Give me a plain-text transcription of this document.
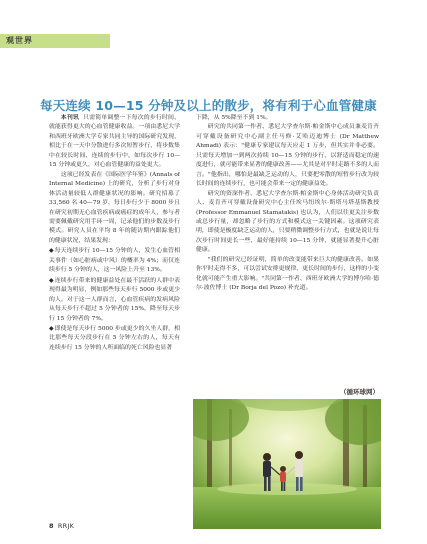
观世界
每天连续 10—15 分钟及以上的散步，将有利于心血管健康

本刊讯 只需简单调整一下每次的步行时间，就能获得更大的心血管健康收益。一项由悉尼大学和西班牙欧洲大学专家共同主导的国际研究发现，相比于在一天中分散进行多次短暂步行，将步数集中在较长时间、连续的步行中，如每次步行 10—15 分钟或更久，对心血管健康的益处更大。

这项已经发表在《国际医学年鉴》(Annals of Internal Medicine) 上的研究，分析了步行对身体活动量较低人群健康状况的影响。研究招募了 33,560 名 40—79 岁，每日步行少于 8000 步且在研究初期无心血管疾病或癌症的成年人，参与者需要佩戴研究用手环一周，记录他们的步数及步行模式。研究人员在平均 8 年的随访期内跟踪他们的健康状况，结果发现：

◆每天连续步行 10—15 分钟的人，发生心血管相关事件（如心脏病或中风）的概率为 4%；而仅连续步行 5 分钟的人，这一风险上升至 13%。

◆连续步行带来的健康益处在最不活跃的人群中表现得最为明显，例如那些每天步行 5000 步或更少的人。对于这一人群而言，心血管疾病的发病风险从每天步行不超过 5 分钟者的 15%，降至每天步行 15 分钟者的 7%。

◆即使是每天步行 5000 步或更少的久坐人群，相比那些每天分段步行在 5 分钟左右的人，每天有连续步行 15 分钟的人所面临的死亡风险也显著

下降，从 5%降至不到 1%。

研究的共同第一作者、悉尼大学查尔斯·帕金斯中心成员兼麦肯齐可穿戴设备研究中心副主任马修·艾哈迈迪博士 (Dr Matthew Ahmadi) 表示："健康专家建议每天应走 1 万步，但其实并非必要。只需每天增加一到两次持续 10—15 分钟的步行，以舒适而稳定的速度进行，就可能带来显著的健康改善——尤其是对平时走路不多的人而言。"他指出，哪怕是最缺乏运动的人，只要把零散的短暂步行改为较长时间的连续步行，也可能会带来一定的健康益处。

研究的资深作者、悉尼大学查尔斯·帕金斯中心身体活动研究负责人、麦肯齐可穿戴设备研究中心主任埃马纽埃尔·斯塔马塔基斯教授 (Professor Emmanuel Stamatakis) 也认为，人们以往更关注步数或总步行量，却忽略了步行的方式和模式这一关键因素。这项研究表明，即使是极度缺乏运动的人，只要稍微调整步行方式，也就是说让每次步行时间更长一些，最好能持续 10—15 分钟，就能显著提升心脏健康。

"我们的研究已经证明，简单的改变能带来巨大的健康改善。如果你平时走得不多，可以尝试安排更规律、更长时间的步行，这样的小变化就可能产生重大影响。"共同第一作者、西班牙欧洲大学的博尔哈·德尔·波佐博士 (Dr Borja del Pozo) 补充道。

（循环球网）
8 RRJK
